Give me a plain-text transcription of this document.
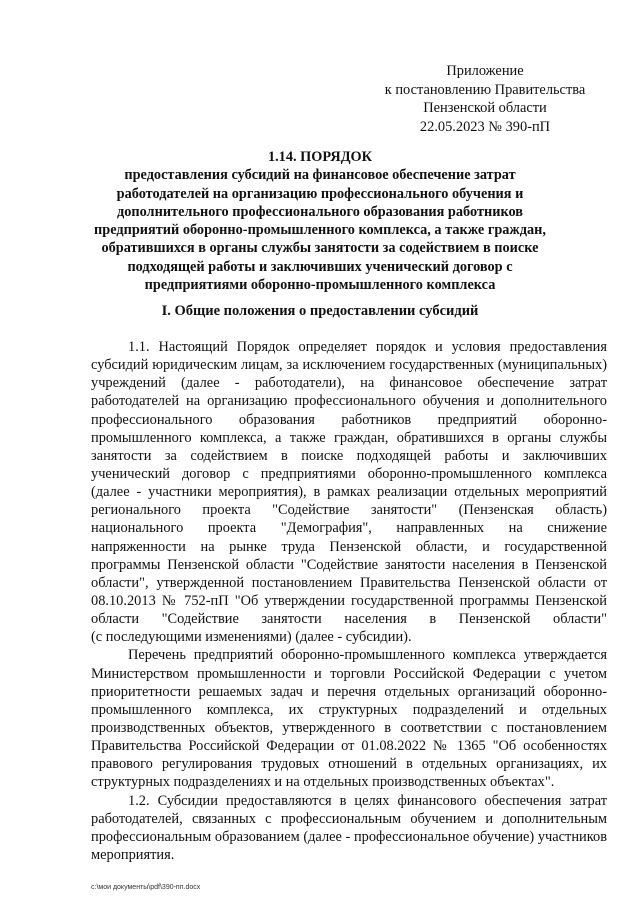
Приложение
к постановлению Правительства
Пензенской области
22.05.2023 № 390-пП
1.14. ПОРЯДОК
предоставления субсидий на финансовое обеспечение затрат
работодателей на организацию профессионального обучения и
дополнительного профессионального образования работников
предприятий оборонно-промышленного комплекса, а также граждан,
обратившихся в органы службы занятости за содействием в поиске
подходящей работы и заключивших ученический договор с
предприятиями оборонно-промышленного комплекса
I. Общие положения о предоставлении субсидий
1.1. Настоящий Порядок определяет порядок и условия предоставления
субсидий юридическим лицам, за исключением государственных (муниципальных)
учреждений (далее - работодатели), на финансовое обеспечение затрат
работодателей на организацию профессионального обучения и дополнительного
профессионального образования работников предприятий оборонно-
промышленного комплекса, а также граждан, обратившихся в органы службы
занятости за содействием в поиске подходящей работы и заключивших
ученический договор с предприятиями оборонно-промышленного комплекса
(далее - участники мероприятия), в рамках реализации отдельных мероприятий
регионального проекта "Содействие занятости" (Пензенская область)
национального проекта "Демография", направленных на снижение
напряженности на рынке труда Пензенской области, и государственной
программы Пензенской области "Содействие занятости населения в Пензенской
области", утвержденной постановлением Правительства Пензенской области от
08.10.2013 № 752-пП "Об утверждении государственной программы Пензенской
области "Содействие занятости населения в Пензенской области"
(с последующими изменениями) (далее - субсидии).
Перечень предприятий оборонно-промышленного комплекса утверждается
Министерством промышленности и торговли Российской Федерации с учетом
приоритетности решаемых задач и перечня отдельных организаций оборонно-
промышленного комплекса, их структурных подразделений и отдельных
производственных объектов, утвержденного в соответствии с постановлением
Правительства Российской Федерации от 01.08.2022 № 1365 "Об особенностях
правового регулирования трудовых отношений в отдельных организациях, их
структурных подразделениях и на отдельных производственных объектах".
1.2. Субсидии предоставляются в целях финансового обеспечения затрат
работодателей, связанных с профессиональным обучением и дополнительным
профессиональным образованием (далее - профессиональное обучение) участников
мероприятия.
c:\мои документы\pdf\390-пп.docx
